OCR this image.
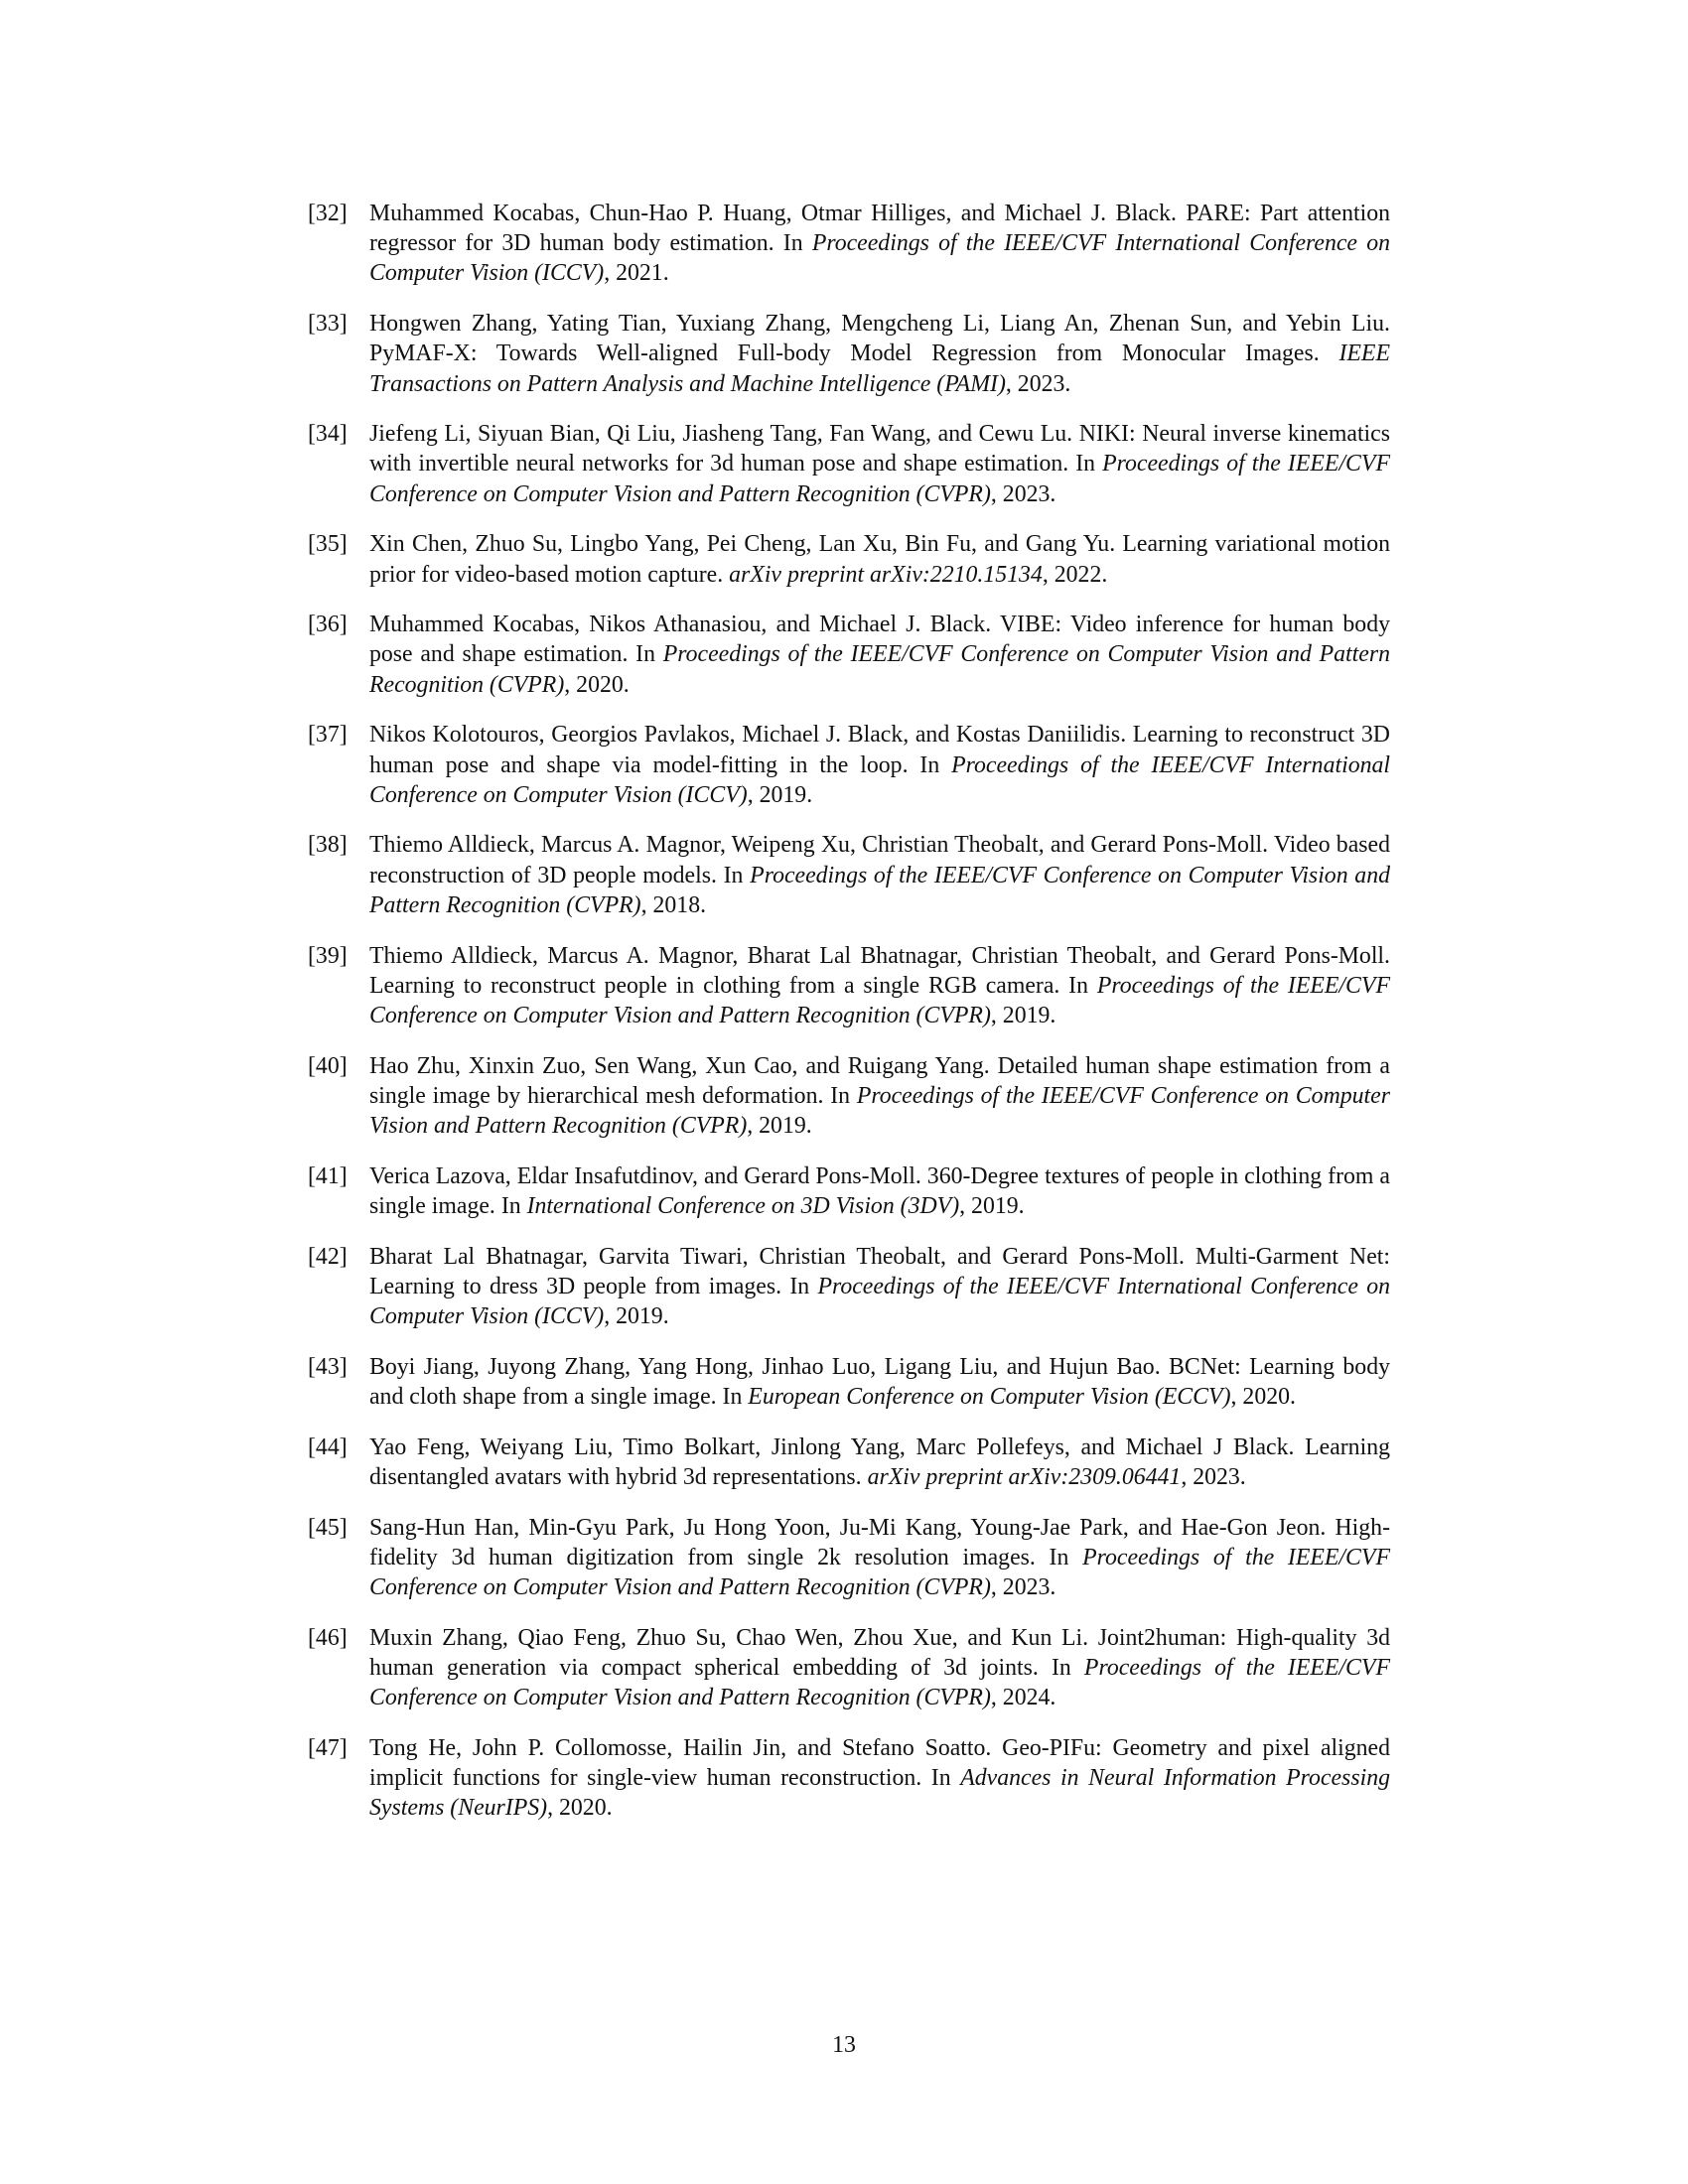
[32] Muhammed Kocabas, Chun-Hao P. Huang, Otmar Hilliges, and Michael J. Black. PARE: Part attention regressor for 3D human body estimation. In Proceedings of the IEEE/CVF International Conference on Computer Vision (ICCV), 2021.
[33] Hongwen Zhang, Yating Tian, Yuxiang Zhang, Mengcheng Li, Liang An, Zhenan Sun, and Yebin Liu. PyMAF-X: Towards Well-aligned Full-body Model Regression from Monocular Images. IEEE Transactions on Pattern Analysis and Machine Intelligence (PAMI), 2023.
[34] Jiefeng Li, Siyuan Bian, Qi Liu, Jiasheng Tang, Fan Wang, and Cewu Lu. NIKI: Neural inverse kinematics with invertible neural networks for 3d human pose and shape estimation. In Proceedings of the IEEE/CVF Conference on Computer Vision and Pattern Recognition (CVPR), 2023.
[35] Xin Chen, Zhuo Su, Lingbo Yang, Pei Cheng, Lan Xu, Bin Fu, and Gang Yu. Learning variational motion prior for video-based motion capture. arXiv preprint arXiv:2210.15134, 2022.
[36] Muhammed Kocabas, Nikos Athanasiou, and Michael J. Black. VIBE: Video inference for human body pose and shape estimation. In Proceedings of the IEEE/CVF Conference on Computer Vision and Pattern Recognition (CVPR), 2020.
[37] Nikos Kolotouros, Georgios Pavlakos, Michael J. Black, and Kostas Daniilidis. Learning to reconstruct 3D human pose and shape via model-fitting in the loop. In Proceedings of the IEEE/CVF International Conference on Computer Vision (ICCV), 2019.
[38] Thiemo Alldieck, Marcus A. Magnor, Weipeng Xu, Christian Theobalt, and Gerard Pons-Moll. Video based reconstruction of 3D people models. In Proceedings of the IEEE/CVF Conference on Computer Vision and Pattern Recognition (CVPR), 2018.
[39] Thiemo Alldieck, Marcus A. Magnor, Bharat Lal Bhatnagar, Christian Theobalt, and Gerard Pons-Moll. Learning to reconstruct people in clothing from a single RGB camera. In Proceedings of the IEEE/CVF Conference on Computer Vision and Pattern Recognition (CVPR), 2019.
[40] Hao Zhu, Xinxin Zuo, Sen Wang, Xun Cao, and Ruigang Yang. Detailed human shape estimation from a single image by hierarchical mesh deformation. In Proceedings of the IEEE/CVF Conference on Computer Vision and Pattern Recognition (CVPR), 2019.
[41] Verica Lazova, Eldar Insafutdinov, and Gerard Pons-Moll. 360-Degree textures of people in clothing from a single image. In International Conference on 3D Vision (3DV), 2019.
[42] Bharat Lal Bhatnagar, Garvita Tiwari, Christian Theobalt, and Gerard Pons-Moll. Multi-Garment Net: Learning to dress 3D people from images. In Proceedings of the IEEE/CVF International Conference on Computer Vision (ICCV), 2019.
[43] Boyi Jiang, Juyong Zhang, Yang Hong, Jinhao Luo, Ligang Liu, and Hujun Bao. BCNet: Learning body and cloth shape from a single image. In European Conference on Computer Vision (ECCV), 2020.
[44] Yao Feng, Weiyang Liu, Timo Bolkart, Jinlong Yang, Marc Pollefeys, and Michael J Black. Learning disentangled avatars with hybrid 3d representations. arXiv preprint arXiv:2309.06441, 2023.
[45] Sang-Hun Han, Min-Gyu Park, Ju Hong Yoon, Ju-Mi Kang, Young-Jae Park, and Hae-Gon Jeon. High-fidelity 3d human digitization from single 2k resolution images. In Proceedings of the IEEE/CVF Conference on Computer Vision and Pattern Recognition (CVPR), 2023.
[46] Muxin Zhang, Qiao Feng, Zhuo Su, Chao Wen, Zhou Xue, and Kun Li. Joint2human: High-quality 3d human generation via compact spherical embedding of 3d joints. In Proceedings of the IEEE/CVF Conference on Computer Vision and Pattern Recognition (CVPR), 2024.
[47] Tong He, John P. Collomosse, Hailin Jin, and Stefano Soatto. Geo-PIFu: Geometry and pixel aligned implicit functions for single-view human reconstruction. In Advances in Neural Information Processing Systems (NeurIPS), 2020.
13
